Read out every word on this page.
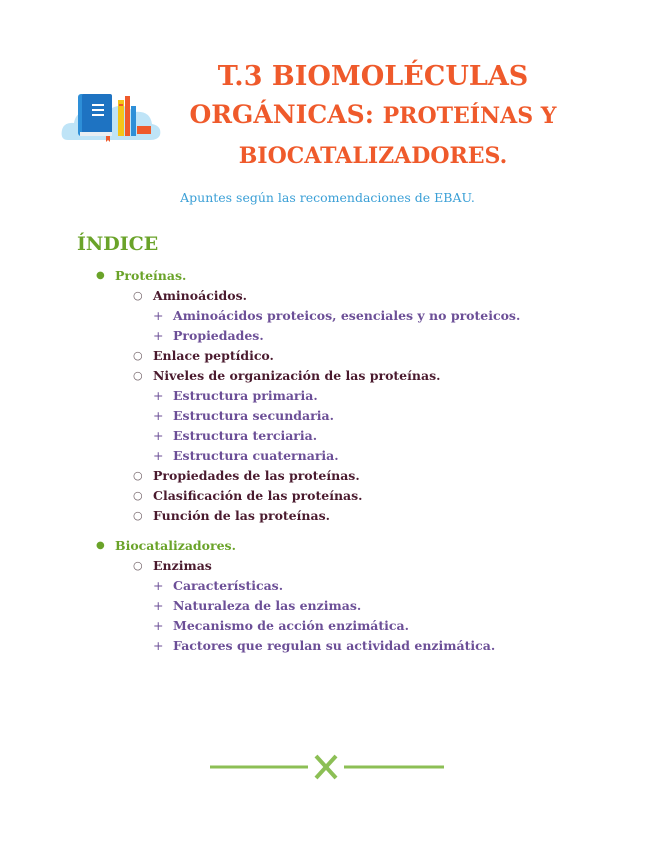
T.3 BIOMOLÉCULAS
ORGÁNICAS: PROTEÍNAS Y
BIOCATALIZADORES.
Apuntes según las recomendaciones de EBAU.
ÍNDICE
● Proteínas.
○ Aminoácidos.
+ Aminoácidos proteicos, esenciales y no proteicos.
+ Propiedades.
○ Enlace peptídico.
○ Niveles de organización de las proteínas.
+ Estructura primaria.
+ Estructura secundaria.
+ Estructura terciaria.
+ Estructura cuaternaria.
○ Propiedades de las proteínas.
○ Clasificación de las proteínas.
○ Función de las proteínas.
● Biocatalizadores.
○ Enzimas
+ Características.
+ Naturaleza de las enzimas.
+ Mecanismo de acción enzimática.
+ Factores que regulan su actividad enzimática.
